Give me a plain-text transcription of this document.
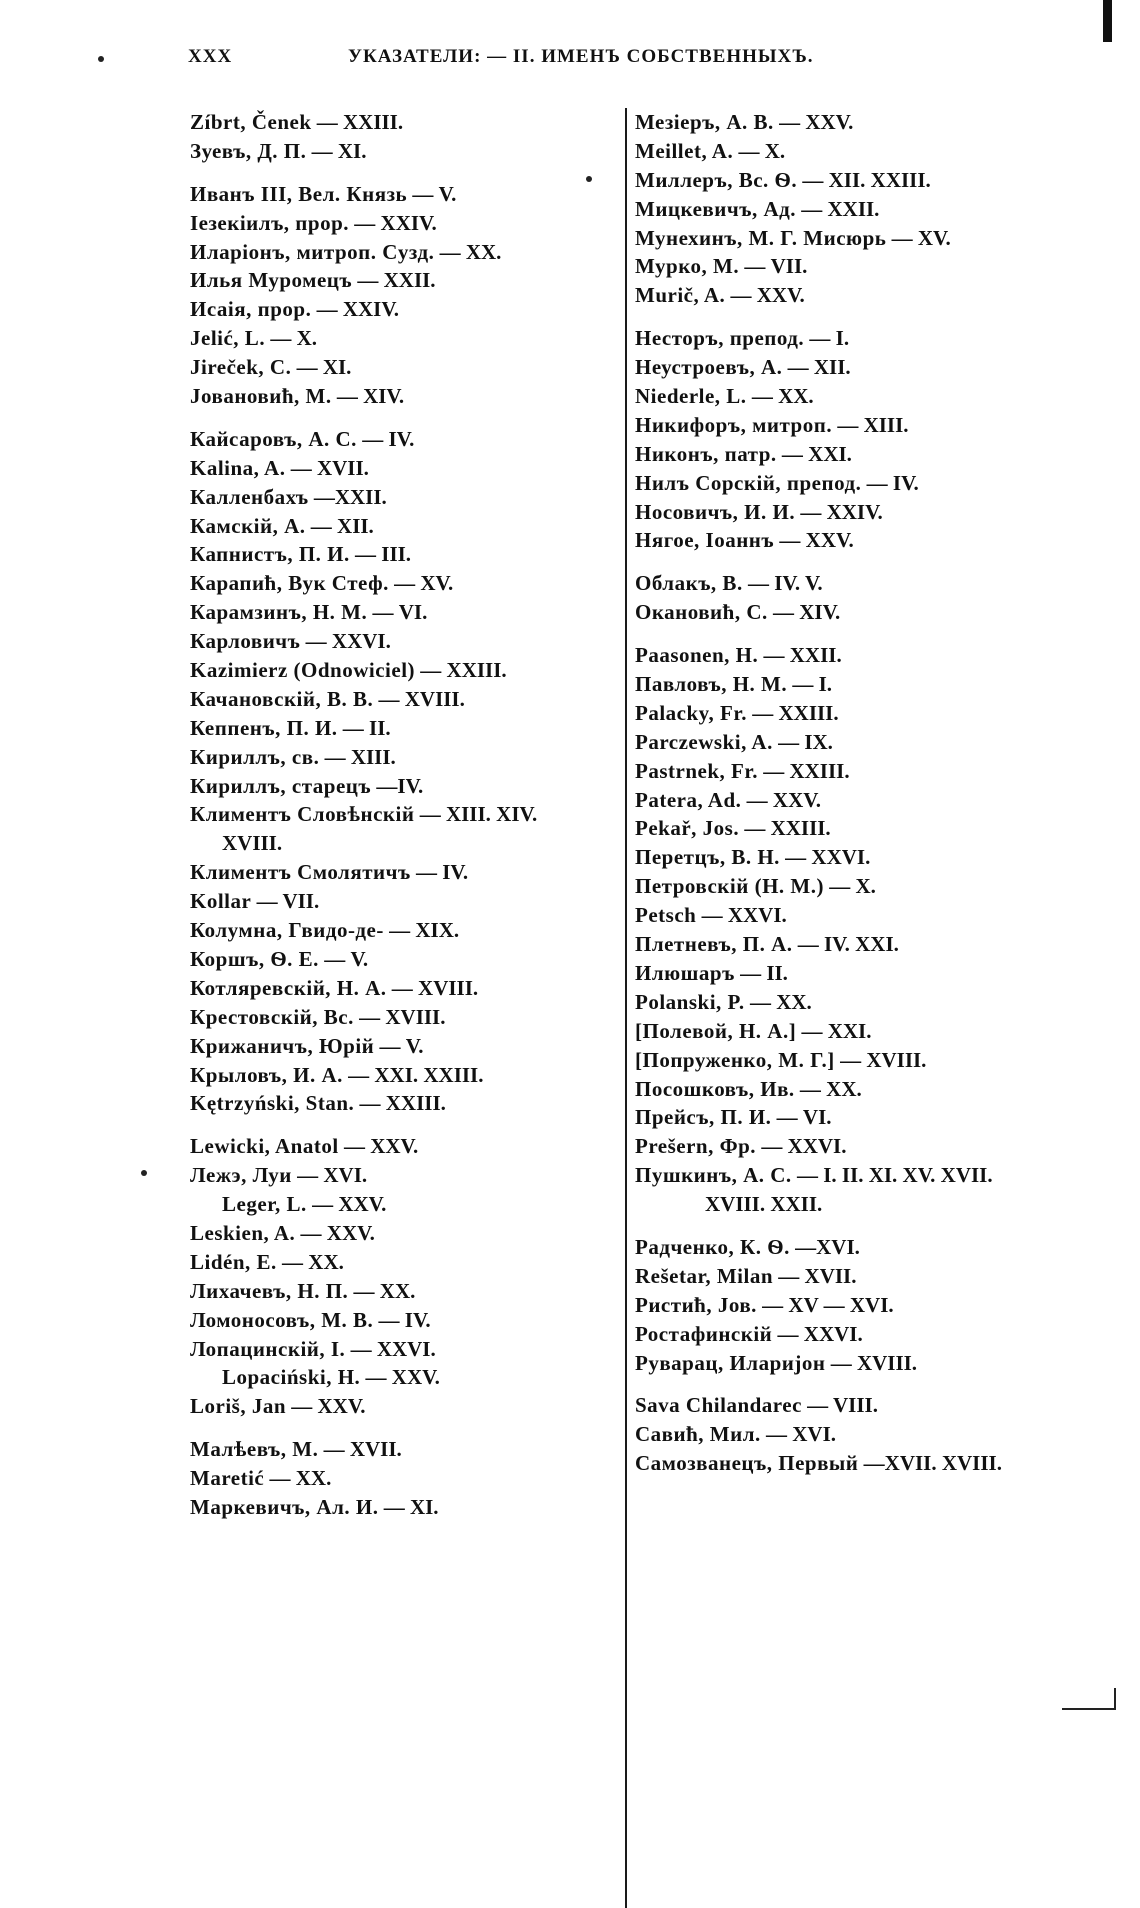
XXX	УКАЗАТЕЛИ: — II. ИМЕНЪ СОБСТВЕННЫХЪ.
Zíbrt, Čenek — XXIII.
Зуевъ, Д. П. — XI.
Иванъ III, Вел. Князь — V.
Іезекіилъ, прор. — XXIV.
Иларіонъ, митроп. Cузд. — XX.
Илья Муромецъ — XXII.
Исаія, прор. — XXIV.
Jelić, L. — X.
Jireček, C. — XI.
Јовановић, М. — XIV.
Кайсаровъ, А. С. — IV.
Kalina, A. — XVII.
Калленбахъ —XXII.
Камскій, А. — XII.
Капнистъ, П. И. — III.
Карапић, Вук Стеф. — XV.
Карамзинъ, Н. М. — VI.
Карловичъ — XXVI.
Kazimierz (Odnowiciel) — XXIII.
Качановскій, В. В. — XVIII.
Кеппенъ, П. И. — II.
Кириллъ, св. — XIII.
Кириллъ, старецъ —IV.
Климентъ Словѣнскій — XIII. XIV.
XVIII.
Климентъ Смолятичъ — IV.
Kollar — VII.
Колумна, Гвидо-де- — XIX.
Коршъ, Ѳ. Е. — V.
Котляревскій, Н. А. — XVIII.
Крестовскій, Вс. — XVIII.
Крижаничъ, Юрій — V.
Крыловъ, И. А. — XXI. XXIII.
Kętrzyński, Stan. — XXIII.
Lewicki, Anatol — XXV.
Лежэ, Луи — XVI.
Leger, L. — XXV.
Leskien, A. — XXV.
Lidén, E. — XX.
Лихачевъ, Н. П. — XX.
Ломоносовъ, М. В. — IV.
Лопацинскій, І. — XXVI.
Lopaciński, H. — XXV.
Loriš, Jan — XXV.
Малѣевъ, М. — XVII.
Maretić — XX.
Маркевичъ, Ал. И. — XI.
Мезіеръ, А. В. — XXV.
Meillet, A. — X.
Миллеръ, Вс. Ѳ. — XII. XXIII.
Мицкевичъ, Ад. — XXII.
Мунехинъ, М. Г. Мисюрь — XV.
Мурко, М. — VII.
Murič, A. — XXV.
Несторъ, препод. — I.
Неустроевъ, А. — XII.
Niederle, L. — XX.
Никифоръ, митроп. — XIII.
Никонъ, патр. — XXI.
Нилъ Сорскій, препод. — IV.
Носовичъ, И. И. — XXIV.
Нягое, Іоаннъ — XXV.
Облакъ, В. — IV. V.
Окановић, С. — XIV.
Paasonen, H. — XXII.
Павловъ, Н. М. — I.
Palacky, Fr. — XXIII.
Parczewski, A. — IX.
Pastrnek, Fr. — XXIII.
Patera, Ad. — XXV.
Pekař, Jos. — XXIII.
Перетцъ, В. Н. — XXVI.
Петровскій (Н. М.) — X.
Petsch — XXVI.
Плетневъ, П. А. — IV. XXI.
Илюшаръ — II.
Polanski, P. — XX.
[Полевой, Н. А.] — XXI.
[Попруженко, М. Г.] — XVIII.
Посошковъ, Ив. — XX.
Прейсъ, П. И. — VI.
Prešern, Фр. — XXVI.
Пушкинъ, А. С. — I. II. XI. XV. XVII.
XVIII. XXII.
Радченко, К. Ѳ. —XVI.
Rešetar, Milan — XVII.
Ристић, Јов. — XV — XVI.
Ростафинскій — XXVI.
Руварац, Иларијон — XVIII.
Sava Chilandarec — VIII.
Савић, Мил. — XVI.
Самозванецъ, Первый —XVII. XVIII.
